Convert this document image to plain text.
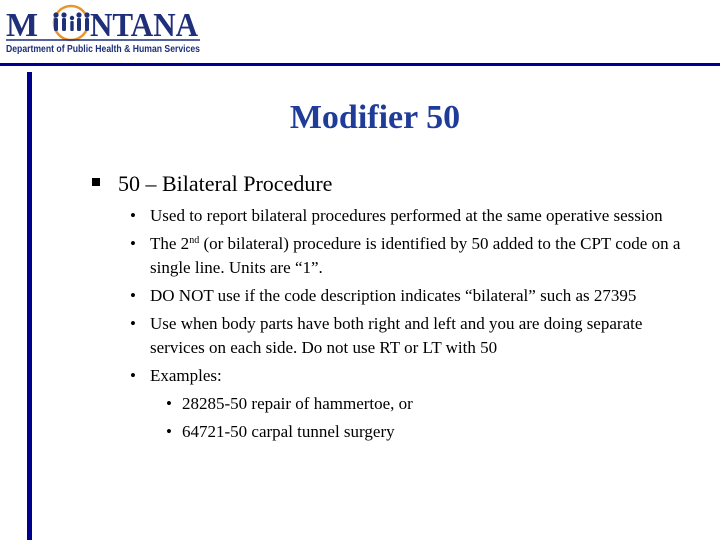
M NTANA
Department of Public Health & Human Services
Modifier 50
50 – Bilateral Procedure
• Used to report bilateral procedures performed at the same operative session
• The 2nd (or bilateral) procedure is identified by 50 added to the CPT code on a single line. Units are “1”.
• DO NOT use if the code description indicates “bilateral” such as 27395
• Use when body parts have both right and left and you are doing separate services on each side. Do not use RT or LT with 50
• Examples:
• 28285-50 repair of hammertoe, or
• 64721-50 carpal tunnel surgery
